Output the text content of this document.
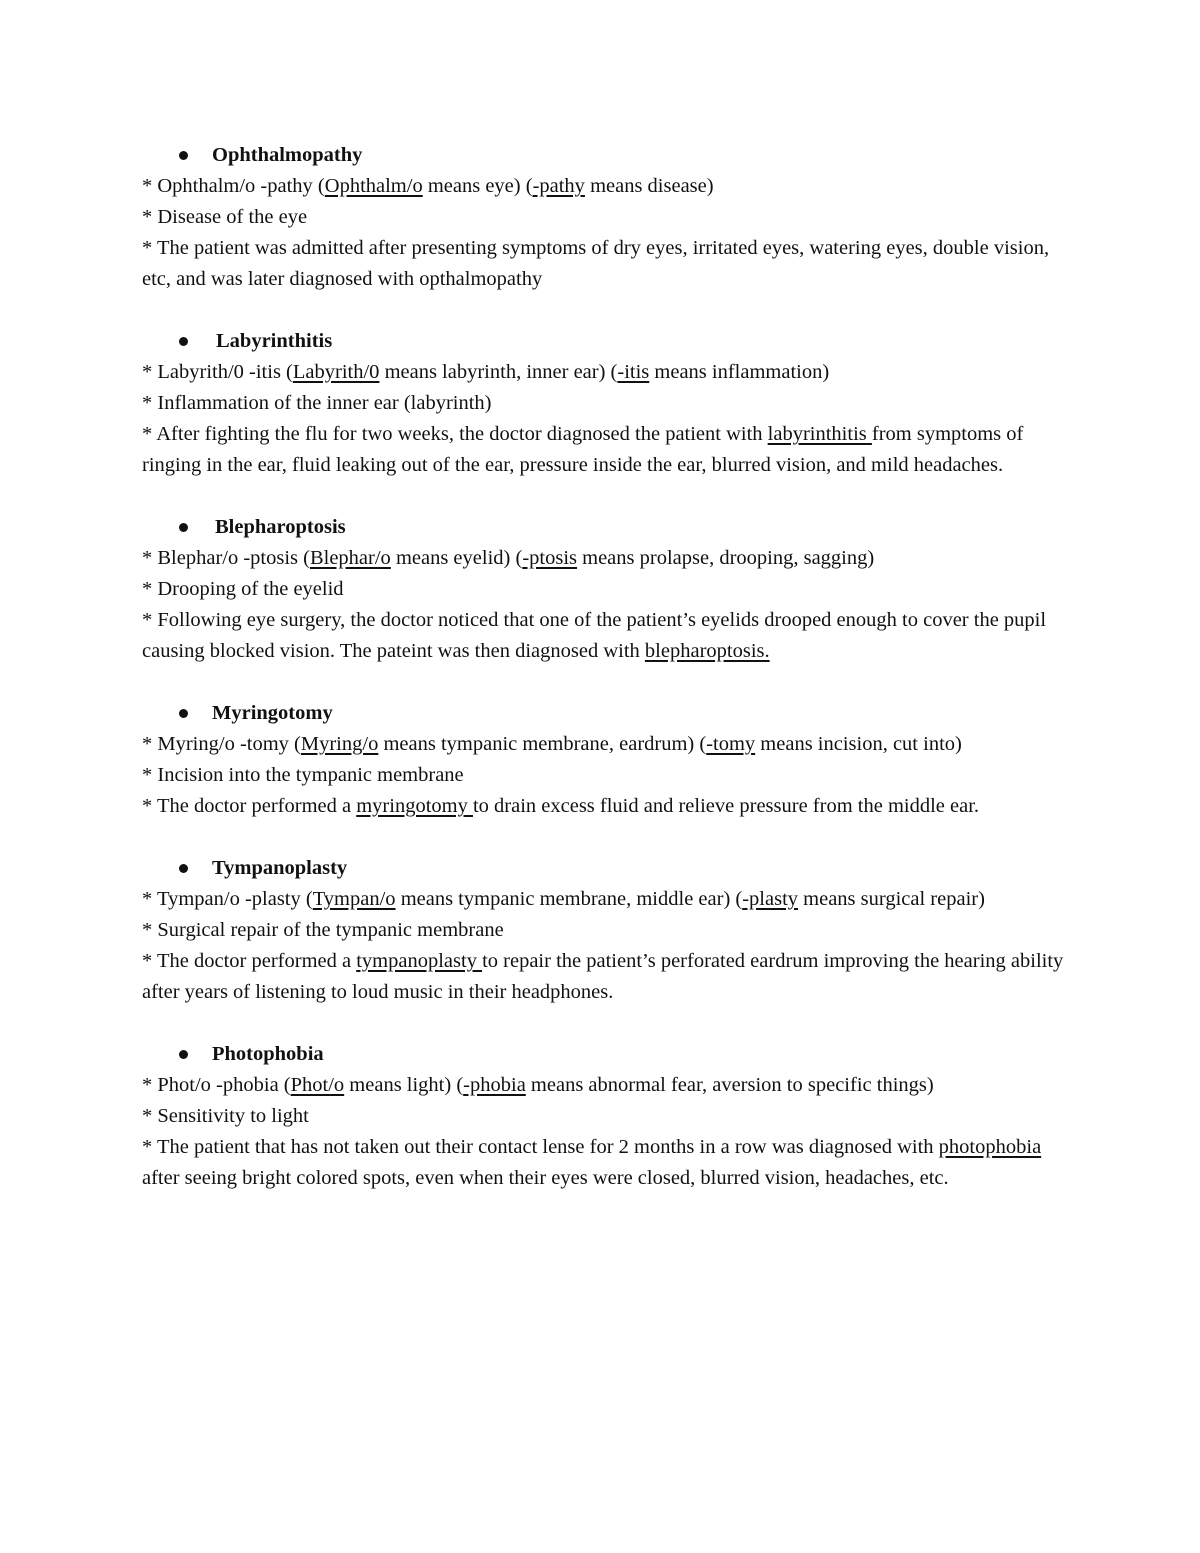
Ophthalmopathy

* Ophthalm/o -pathy (Ophthalm/o means eye) (-pathy means disease)

* Disease of the eye

* The patient was admitted after presenting symptoms of dry eyes, irritated eyes, watering eyes, double vision, etc, and was later diagnosed with opthalmopathy

Labyrinthitis

* Labyrith/0 -itis (Labyrith/0 means labyrinth, inner ear) (-itis means inflammation)

* Inflammation of the inner ear (labyrinth)

* After fighting the flu for two weeks, the doctor diagnosed the patient with labyrinthitis from symptoms of ringing in the ear, fluid leaking out of the ear, pressure inside the ear, blurred vision, and mild headaches.

Blepharoptosis

* Blephar/o -ptosis (Blephar/o means eyelid) (-ptosis means prolapse, drooping, sagging)

* Drooping of the eyelid

* Following eye surgery, the doctor noticed that one of the patient’s eyelids drooped enough to cover the pupil causing blocked vision. The pateint was then diagnosed with blepharoptosis.

Myringotomy

* Myring/o -tomy (Myring/o means tympanic membrane, eardrum) (-tomy means incision, cut into)

* Incision into the tympanic membrane

* The doctor performed a myringotomy to drain excess fluid and relieve pressure from the middle ear.

Tympanoplasty

* Tympan/o -plasty (Tympan/o means tympanic membrane, middle ear) (-plasty means surgical repair)

* Surgical repair of the tympanic membrane

* The doctor performed a tympanoplasty to repair the patient’s perforated eardrum improving the hearing ability after years of listening to loud music in their headphones.

Photophobia

* Phot/o -phobia (Phot/o means light) (-phobia means abnormal fear, aversion to specific things)

* Sensitivity to light

* The patient that has not taken out their contact lense for 2 months in a row was diagnosed with photophobia after seeing bright colored spots, even when their eyes were closed, blurred vision, headaches, etc.
